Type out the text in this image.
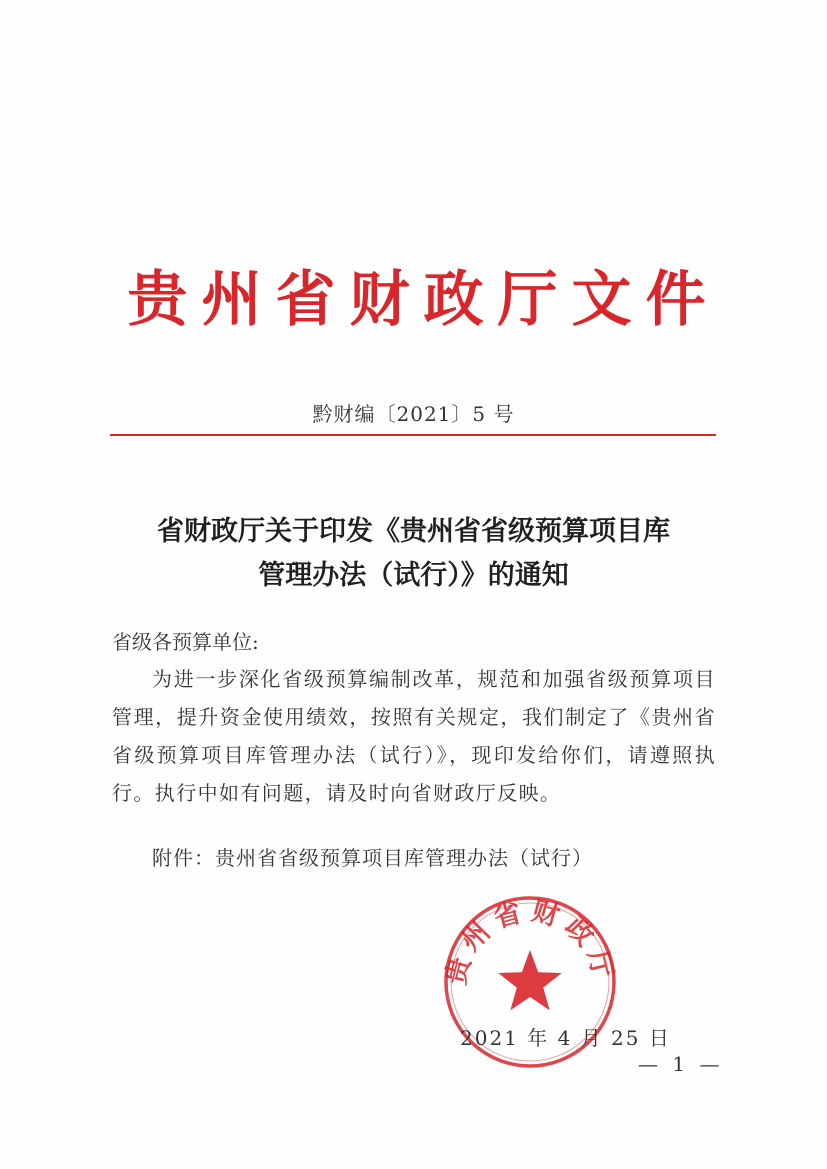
贵州省财政厅文件
黔财编〔2021〕5 号
省财政厅关于印发《贵州省省级预算项目库
管理办法（试行）》的通知
省级各预算单位:
为进一步深化省级预算编制改革，规范和加强省级预算项目管理，提升资金使用绩效，按照有关规定，我们制定了《贵州省省级预算项目库管理办法（试行）》，现印发给你们，请遵照执行。执行中如有问题，请及时向省财政厅反映。
附件：贵州省省级预算项目库管理办法（试行）
贵州省财政厅
2021 年 4 月 25 日
— 1 —
